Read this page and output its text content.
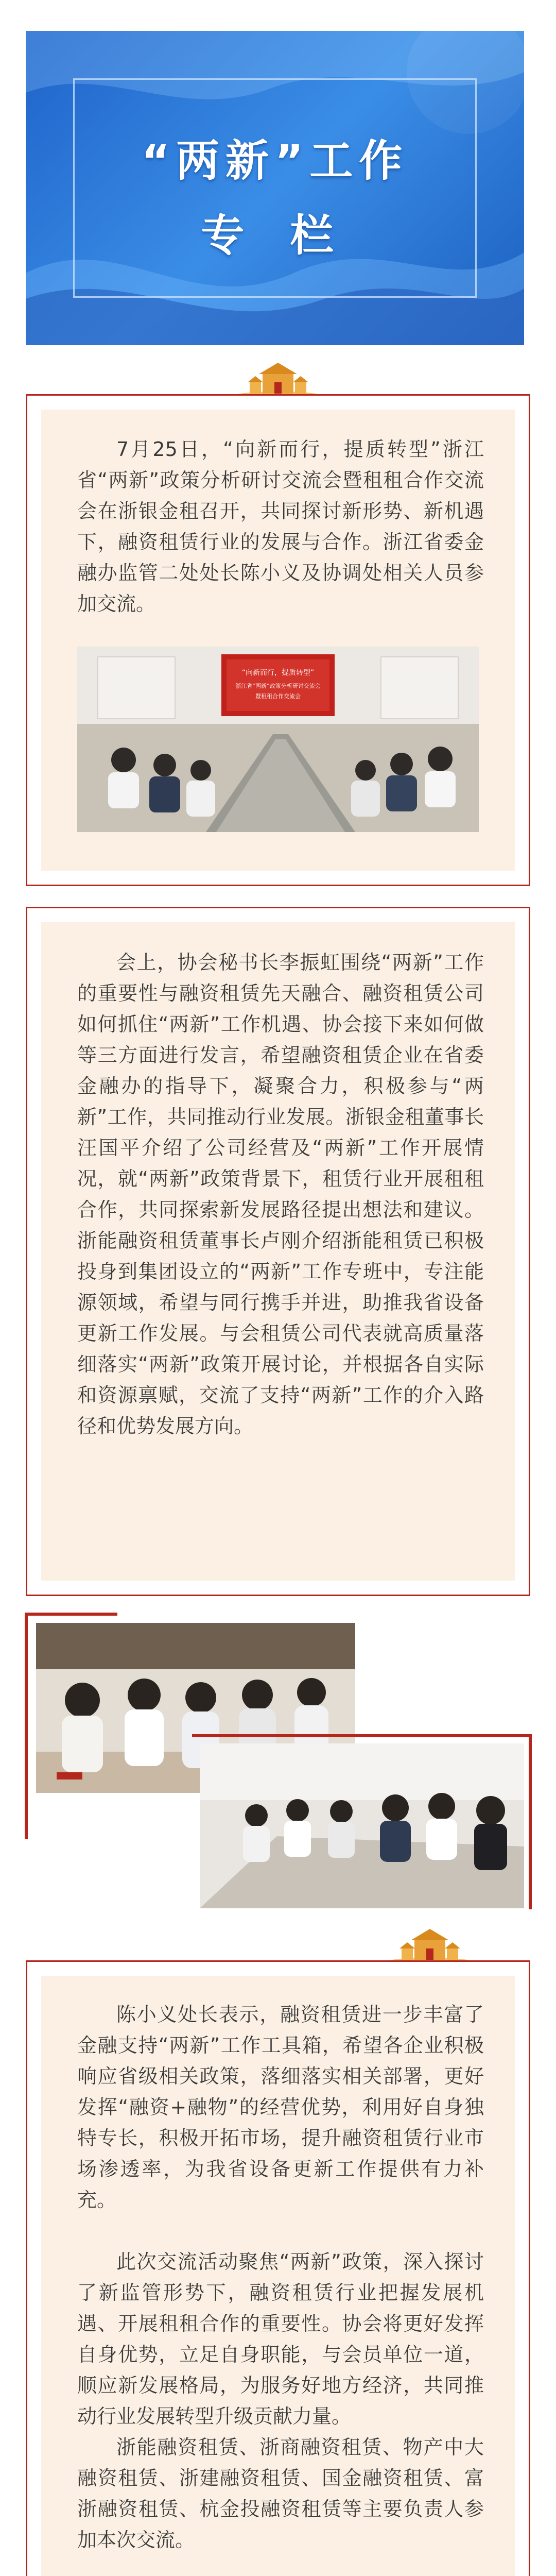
“两新”工作
专 栏

7月25日，“向新而行，提质转型”浙江省“两新”政策分析研讨交流会暨租租合作交流会在浙银金租召开，共同探讨新形势、新机遇下，融资租赁行业的发展与合作。浙江省委金融办监管二处处长陈小义及协调处相关人员参加交流。

“向新而行，提质转型”
浙江省“两新”政策分析研讨交流会
暨租租合作交流会

会上，协会秘书长李振虹围绕“两新”工作的重要性与融资租赁先天融合、融资租赁公司如何抓住“两新”工作机遇、协会接下来如何做等三方面进行发言，希望融资租赁企业在省委金融办的指导下，凝聚合力，积极参与“两新”工作，共同推动行业发展。浙银金租董事长汪国平介绍了公司经营及“两新”工作开展情况，就“两新”政策背景下，租赁行业开展租租合作，共同探索新发展路径提出想法和建议。浙能融资租赁董事长卢刚介绍浙能租赁已积极投身到集团设立的“两新”工作专班中，专注能源领域，希望与同行携手并进，助推我省设备更新工作发展。与会租赁公司代表就高质量落细落实“两新”政策开展讨论，并根据各自实际和资源禀赋，交流了支持“两新”工作的介入路径和优势发展方向。

陈小义处长表示，融资租赁进一步丰富了金融支持“两新”工作工具箱，希望各企业积极响应省级相关政策，落细落实相关部署，更好发挥“融资+融物”的经营优势，利用好自身独特专长，积极开拓市场，提升融资租赁行业市场渗透率，为我省设备更新工作提供有力补充。

此次交流活动聚焦“两新”政策，深入探讨了新监管形势下，融资租赁行业把握发展机遇、开展租租合作的重要性。协会将更好发挥自身优势，立足自身职能，与会员单位一道，顺应新发展格局，为服务好地方经济，共同推动行业发展转型升级贡献力量。

浙能融资租赁、浙商融资租赁、物产中大融资租赁、浙建融资租赁、国金融资租赁、富浙融资租赁、杭金投融资租赁等主要负责人参加本次交流。
